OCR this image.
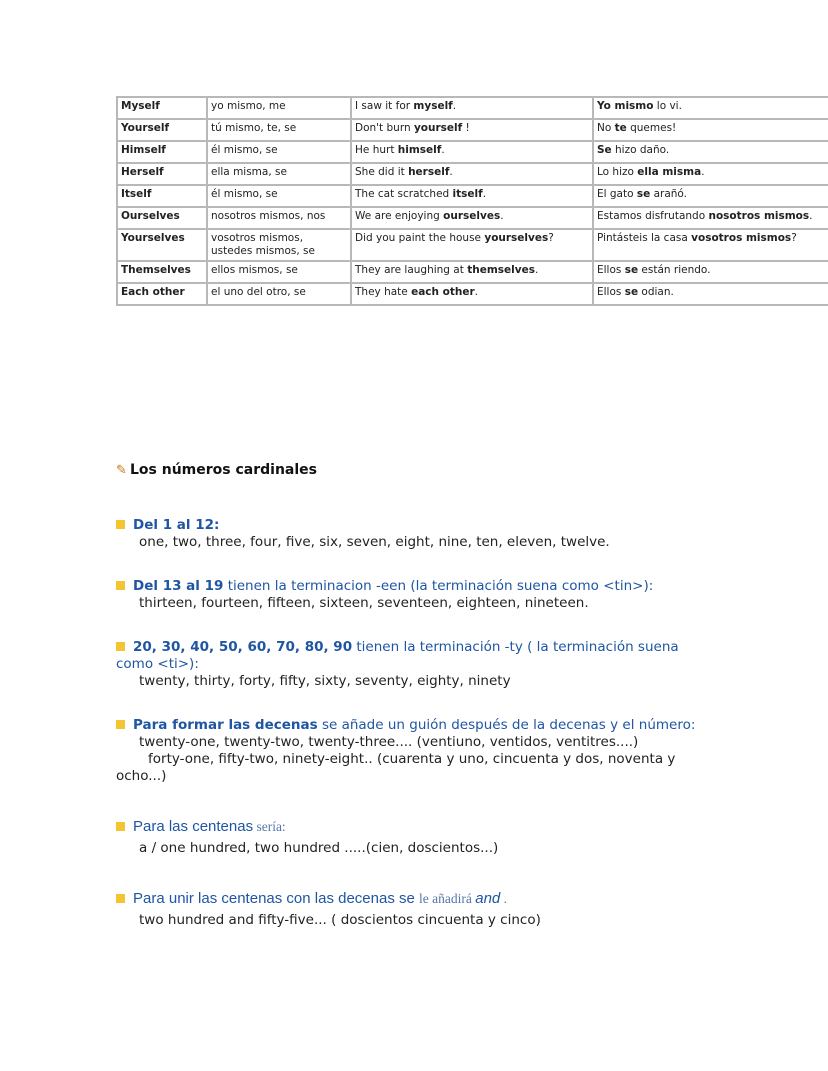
Myself	yo mismo, me	I saw it for myself.	Yo mismo lo vi.
Yourself	tú mismo, te, se	Don't burn yourself !	No te quemes!
Himself	él mismo, se	He hurt himself.	Se hizo daño.
Herself	ella misma, se	She did it herself.	Lo hizo ella misma.
Itself	él mismo, se	The cat scratched itself.	El gato se arañó.
Ourselves	nosotros mismos, nos	We are enjoying ourselves.	Estamos disfrutando nosotros mismos.
Yourselves	vosotros mismos, ustedes mismos, se	Did you paint the house yourselves?	Pintásteis la casa vosotros mismos?
Themselves	ellos mismos, se	They are laughing at themselves.	Ellos se están riendo.
Each other	el uno del otro, se	They hate each other.	Ellos se odian.
✎ Los números cardinales
Del 1 al 12:
one, two, three, four, five, six, seven, eight, nine, ten, eleven, twelve.
Del 13 al 19 tienen la terminacion -een (la terminación suena como <tin>):
thirteen, fourteen, fifteen, sixteen, seventeen, eighteen, nineteen.
20, 30, 40, 50, 60, 70, 80, 90 tienen la terminación -ty ( la terminación suena como <ti>):
twenty, thirty, forty, fifty, sixty, seventy, eighty, ninety
Para formar las decenas se añade un guión después de la decenas y el número:
twenty-one, twenty-two, twenty-three.... (ventiuno, ventidos, ventitres....)
forty-one, fifty-two, ninety-eight.. (cuarenta y uno, cincuenta y dos, noventa y ocho...)
Para las centenas sería:
a / one hundred, two hundred .....(cien, doscientos...)
Para unir las centenas con las decenas se le añadirá and .
two hundred and fifty-five... ( doscientos cincuenta y cinco)
